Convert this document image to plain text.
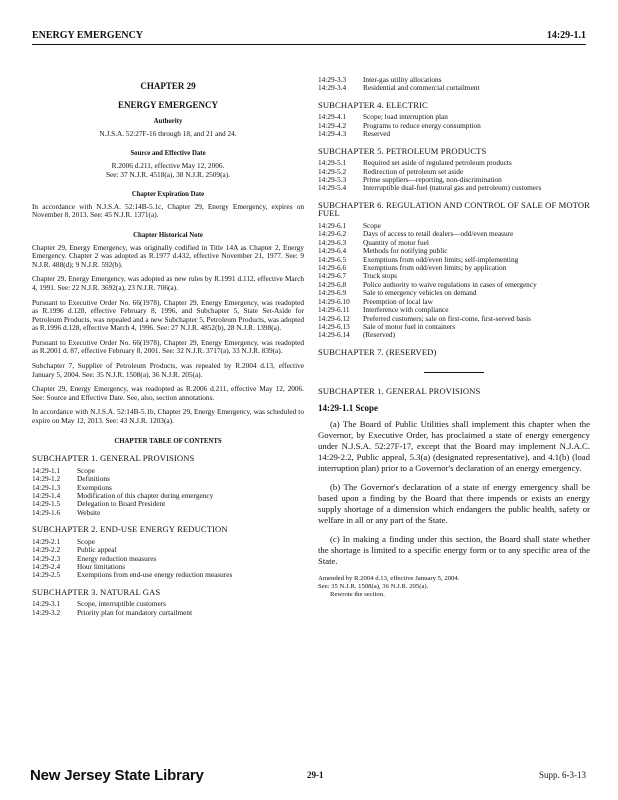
ENERGY EMERGENCY	14:29-1.1
CHAPTER 29
ENERGY EMERGENCY
Authority
N.J.S.A. 52:27F-16 through 18, and 21 and 24.
Source and Effective Date
R.2006 d.211, effective May 12, 2006.
See: 37 N.J.R. 4518(a), 38 N.J.R. 2509(a).
Chapter Expiration Date
In accordance with N.J.S.A. 52:14B-5.1c, Chapter 29, Energy Emergency, expires on November 8, 2013. See: 45 N.J.R. 1371(a).
Chapter Historical Note
Chapter 29, Energy Emergency, was originally codified in Title 14A as Chapter 2, Energy Emergency. Chapter 2 was adopted as R.1977 d.432, effective November 21, 1977. See: 9 N.J.R. 488(d); 9 N.J.R. 592(b).
Chapter 29, Energy Emergency, was adopted as new rules by R.1991 d.112, effective March 4, 1991. See: 22 N.J.R. 3692(a), 23 N.J.R. 706(a).
Pursuant to Executive Order No. 66(1978), Chapter 29, Energy Emergency, was readopted as R.1996 d.128, effective February 8, 1996, and Subchapter 5, State Set-Aside for Petroleum Products, was repealed and a new Subchapter 5, Petroleum Products, was adopted as R.1996 d.128, effective March 4, 1996. See: 27 N.J.R. 4852(b), 28 N.J.R. 1398(a).
Pursuant to Executive Order No. 66(1978), Chapter 29, Energy Emergency, was readopted as R.2001 d. 87, effective February 8, 2001. See: 32 N.J.R. 3717(a), 33 N.J.R. 839(a).
Subchapter 7, Supplier of Petroleum Products, was repealed by R.2004 d.13, effective January 5, 2004. See: 35 N.J.R. 1508(a), 36 N.J.R. 205(a).
Chapter 29, Energy Emergency, was readopted as R.2006 d.211, effective May 12, 2006. See: Source and Effective Date. See, also, section annotations.
In accordance with N.J.S.A. 52:14B-5.1b, Chapter 29, Energy Emergency, was scheduled to expire on May 12, 2013. See: 43 N.J.R. 1203(a).
CHAPTER TABLE OF CONTENTS
SUBCHAPTER 1. GENERAL PROVISIONS
14:29-1.1	Scope
14:29-1.2	Definitions
14:29-1.3	Exemptions
14:29-1.4	Modification of this chapter during emergency
14:29-1.5	Delegation to Board President
14:29-1.6	Website
SUBCHAPTER 2. END-USE ENERGY REDUCTION
14:29-2.1	Scope
14:29-2.2	Public appeal
14:29-2.3	Energy reduction measures
14:29-2.4	Hour limitations
14:29-2.5	Exemptions from end-use energy reduction measures
SUBCHAPTER 3. NATURAL GAS
14:29-3.1	Scope, interruptible customers
14:29-3.2	Priority plan for mandatory curtailment
14:29-3.3	Inter-gas utility allocations
14:29-3.4	Residential and commercial curtailment
SUBCHAPTER 4. ELECTRIC
14:29-4.1	Scope; load interruption plan
14:29-4.2	Programs to reduce energy consumption
14:29-4.3	Reserved
SUBCHAPTER 5. PETROLEUM PRODUCTS
14:29-5.1	Required set aside of regulated petroleum products
14:29-5.2	Redirection of petroleum set aside
14:29-5.3	Prime suppliers—reporting, non-discrimination
14:29-5.4	Interruptible dual-fuel (natural gas and petroleum) customers
SUBCHAPTER 6. REGULATION AND CONTROL OF SALE OF MOTOR FUEL
14:29-6.1	Scope
14:29-6.2	Days of access to retail dealers—odd/even measure
14:29-6.3	Quantity of motor fuel
14:29-6.4	Methods for notifying public
14:29-6.5	Exemptions from odd/even limits; self-implementing
14:29-6.6	Exemptions from odd/even limits; by application
14:29-6.7	Truck stops
14:29-6.8	Police authority to waive regulations in cases of emergency
14:29-6.9	Sale to emergency vehicles on demand
14:29-6.10	Preemption of local law
14:29-6.11	Interference with compliance
14:29-6.12	Preferred customers; sale on first-come, first-served basis
14:29-6.13	Sale of motor fuel in containers
14:29-6.14	(Reserved)
SUBCHAPTER 7. (RESERVED)
SUBCHAPTER 1. GENERAL PROVISIONS
14:29-1.1 Scope
(a) The Board of Public Utilities shall implement this chapter when the Governor, by Executive Order, has proclaimed a state of energy emergency under N.J.S.A. 52:27F-17, except that the Board may implement N.J.A.C. 14:29-2.2, Public appeal, 5.3(a) (designated representative), and 4.1(b) (load interruption plan) prior to a Governor's declaration of an energy emergency.
(b) The Governor's declaration of a state of energy emergency shall be based upon a finding by the Board that there impends or exists an energy supply shortage of a dimension which endangers the public health, safety or welfare in all or any part of the State.
(c) In making a finding under this section, the Board shall state whether the shortage is limited to a specific energy form or to any specific area of the State.
Amended by R.2004 d.13, effective January 5, 2004.
See: 35 N.J.R. 1508(a), 36 N.J.R. 205(a).
Rewrote the section.
New Jersey State Library	29-1	Supp. 6-3-13
